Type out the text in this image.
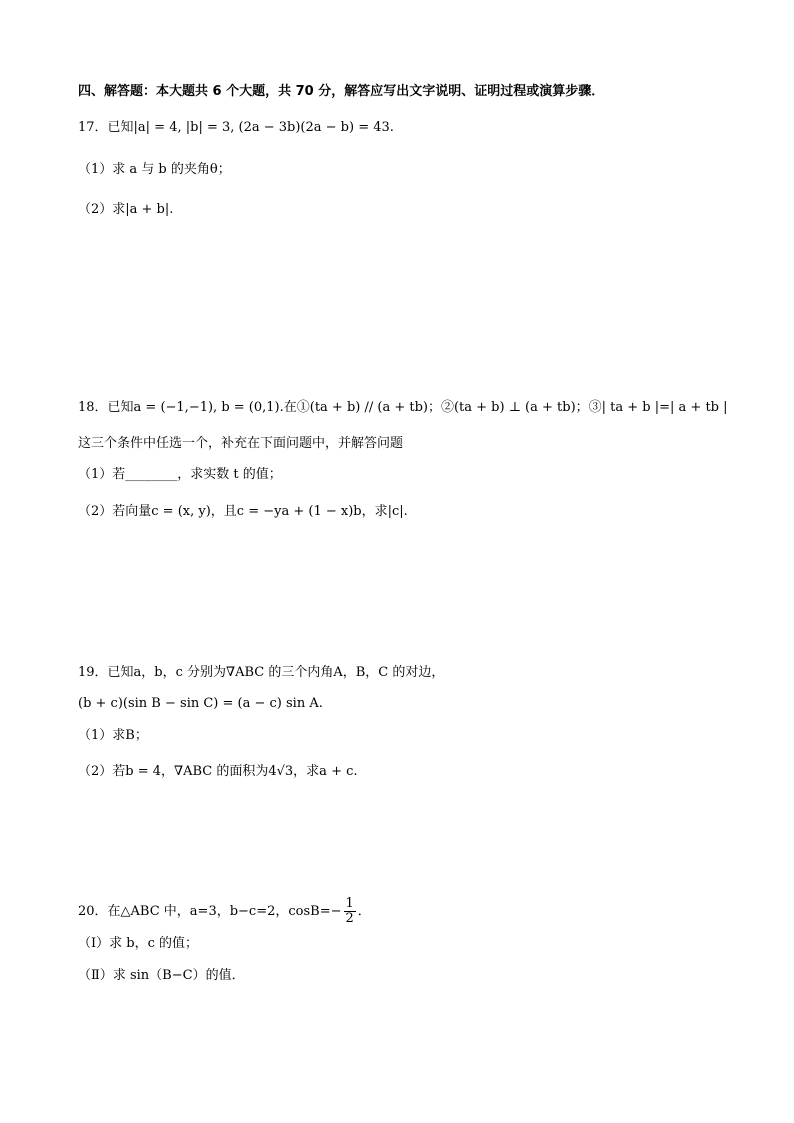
四、解答题：本大题共 6 个大题，共 70 分，解答应写出文字说明、证明过程或演算步骤．
17．已知|a| = 4, |b| = 3, (2a − 3b)(2a − b) = 43.
（1）求 a 与 b 的夹角θ；
（2）求|a + b|.
18．已知a = (−1,−1), b = (0,1).在①(ta + b) // (a + tb)；②(ta + b) ⊥ (a + tb)；③| ta + b |=| a + tb |
这三个条件中任选一个，补充在下面问题中，并解答问题
（1）若________，求实数 t 的值；
（2）若向量c = (x, y)，且c = −ya + (1 − x)b，求|c|.
19．已知a，b，c 分别为∇ABC 的三个内角A，B，C 的对边，
(b + c)(sin B − sin C) = (a − c) sin A.
（1）求B；
（2）若b = 4，∇ABC 的面积为4√3，求a + c.
20．在△ABC 中，a=3，b−c=2，$\cos B=- \frac{1}{2}$ ．
（Ⅰ）求 b，c 的值；
（Ⅱ）求 sin（B−C）的值．
